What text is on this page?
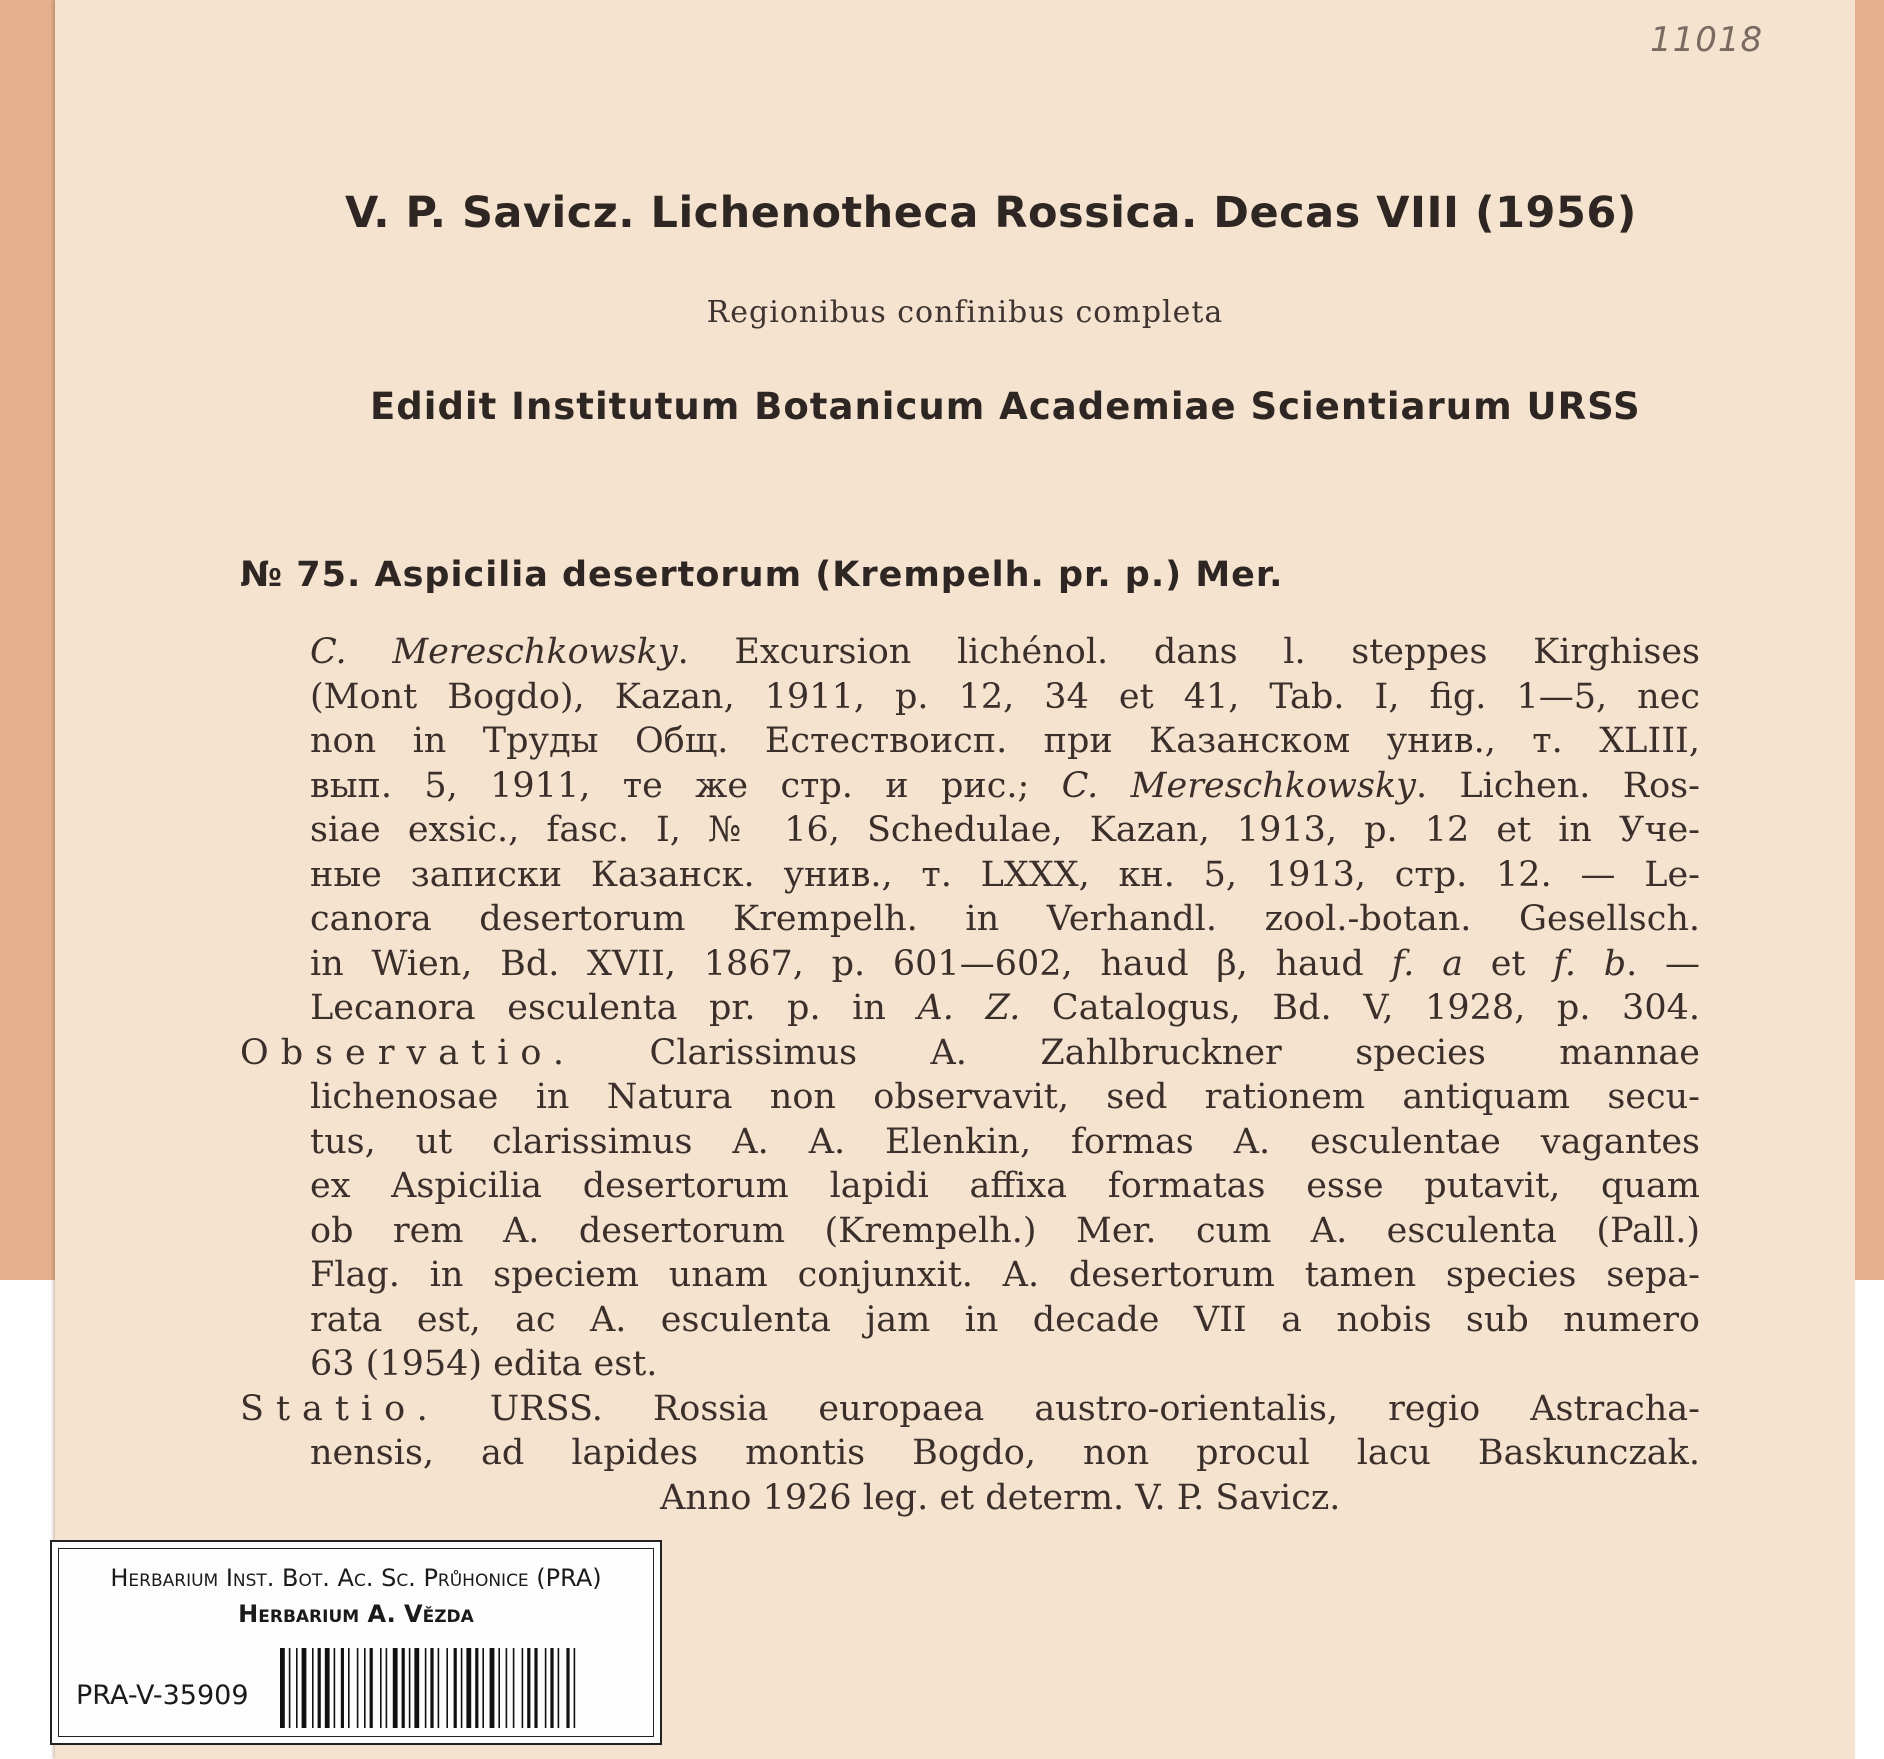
11018
V. P. Savicz. Lichenotheca Rossica. Decas VIII (1956)
Regionibus confinibus completa
Edidit Institutum Botanicum Academiae Scientiarum URSS
№ 75. Aspicilia desertorum (Krempelh. pr. p.) Mer.
C. Mereschkowsky. Excursion lichénol. dans l. steppes Kirghises
(Mont Bogdo), Kazan, 1911, p. 12, 34 et 41, Tab. I, fig. 1—5, nec
non in Труды Общ. Естествоисп. при Казанском унив., т. XLIII,
вып. 5, 1911, те же стр. и рис.; C. Mereschkowsky. Lichen. Ros-
siae exsic., fasc. I, № 16, Schedulae, Kazan, 1913, p. 12 et in Уче-
ные записки Казанск. унив., т. LXXX, кн. 5, 1913, стр. 12. — Le-
canora desertorum Krempelh. in Verhandl. zool.-botan. Gesellsch.
in Wien, Bd. XVII, 1867, p. 601—602, haud β, haud f. a et f. b. —
Lecanora esculenta pr. p. in A. Z. Catalogus, Bd. V, 1928, p. 304.
Observatio. Clarissimus A. Zahlbruckner species mannae
lichenosae in Natura non observavit, sed rationem antiquam secu-
tus, ut clarissimus A. A. Elenkin, formas A. esculentae vagantes
ex Aspicilia desertorum lapidi affixa formatas esse putavit, quam
ob rem A. desertorum (Krempelh.) Mer. cum A. esculenta (Pall.)
Flag. in speciem unam conjunxit. A. desertorum tamen species sepa-
rata est, ac A. esculenta jam in decade VII a nobis sub numero
63 (1954) edita est.
Statio. URSS. Rossia europaea austro-orientalis, regio Astracha-
nensis, ad lapides montis Bogdo, non procul lacu Baskunczak.
Anno 1926 leg. et determ. V. P. Savicz.
Herbarium Inst. Bot. Ac. Sc. Průhonice (PRA)
Herbarium A. Vězda
PRA-V-35909
